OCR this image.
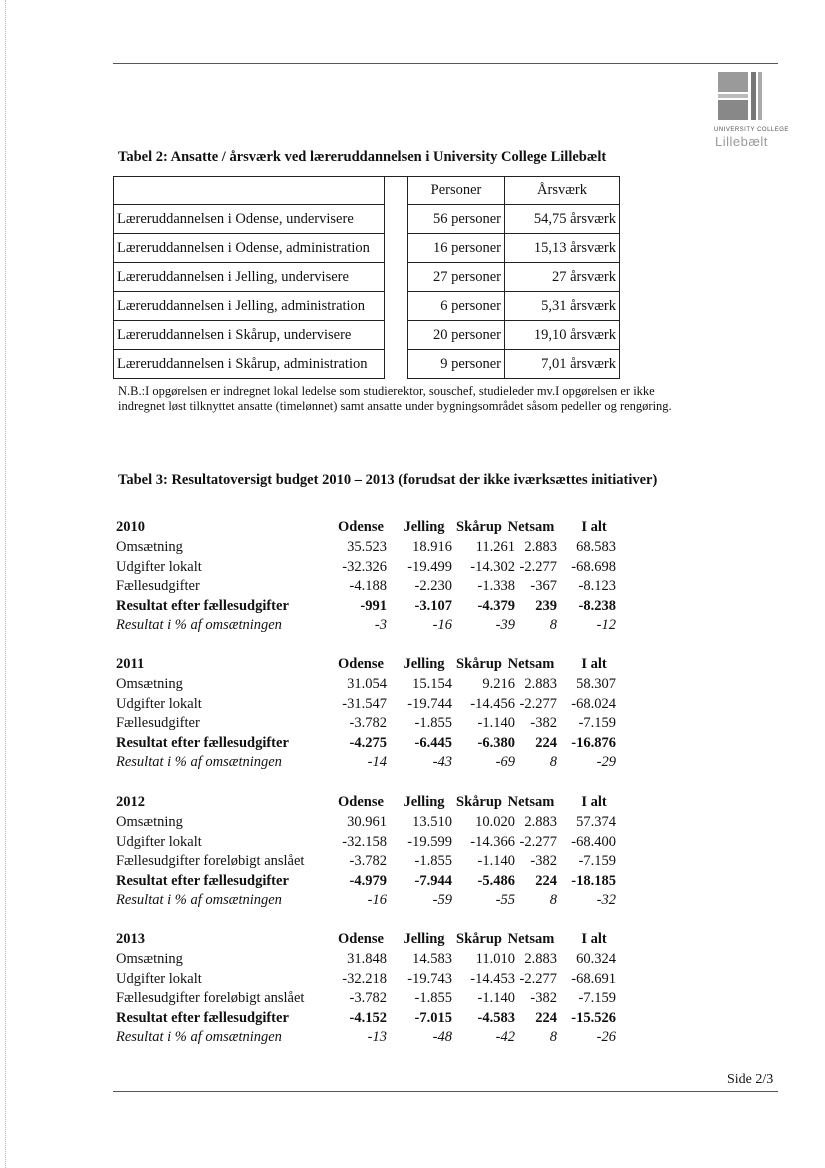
UNIVERSITY COLLEGE
Lillebælt
Tabel 2: Ansatte / årsværk ved læreruddannelsen i University College Lillebælt
		Personer	Årsværk
Læreruddannelsen i Odense, undervisere		56 personer	54,75 årsværk
Læreruddannelsen i Odense, administration		16 personer	15,13 årsværk
Læreruddannelsen i Jelling, undervisere		27 personer	27 årsværk
Læreruddannelsen i Jelling, administration		6 personer	5,31 årsværk
Læreruddannelsen i Skårup, undervisere		20 personer	19,10 årsværk
Læreruddannelsen i Skårup, administration		9 personer	7,01 årsværk
N.B.:I opgørelsen er indregnet lokal ledelse som studierektor, souschef, studieleder mv.I opgørelsen er ikke indregnet løst tilknyttet ansatte (timelønnet) samt ansatte under bygningsområdet såsom pedeller og rengøring.
Tabel 3: Resultatoversigt budget 2010 – 2013 (forudsat der ikke iværksættes initiativer)
2010	Odense	Jelling Skårup Netsam	I alt
Omsætning	35.523	18.916	11.261 2.883	68.583
Udgifter lokalt	-32.326	-19.499	-14.302 -2.277 -68.698
Fællesudgifter	-4.188	-2.230	-1.338	-367	-8.123
Resultat efter fællesudgifter	-991	-3.107	-4.379	239	-8.238
Resultat i % af omsætningen	-3	-16	-39	8	-12
2011	Odense	Jelling Skårup Netsam	I alt
Omsætning	31.054	15.154	9.216 2.883	58.307
Udgifter lokalt	-31.547	-19.744	-14.456 -2.277 -68.024
Fællesudgifter	-3.782	-1.855	-1.140	-382	-7.159
Resultat efter fællesudgifter	-4.275	-6.445	-6.380	224 -16.876
Resultat i % af omsætningen	-14	-43	-69	8	-29
2012	Odense	Jelling Skårup Netsam	I alt
Omsætning	30.961	13.510	10.020 2.883	57.374
Udgifter lokalt	-32.158	-19.599	-14.366 -2.277 -68.400
Fællesudgifter foreløbigt anslået	-3.782	-1.855	-1.140	-382	-7.159
Resultat efter fællesudgifter	-4.979	-7.944	-5.486	224 -18.185
Resultat i % af omsætningen	-16	-59	-55	8	-32
2013	Odense	Jelling Skårup Netsam	I alt
Omsætning	31.848	14.583	11.010 2.883	60.324
Udgifter lokalt	-32.218	-19.743	-14.453 -2.277 -68.691
Fællesudgifter foreløbigt anslået	-3.782	-1.855	-1.140	-382	-7.159
Resultat efter fællesudgifter	-4.152	-7.015	-4.583	224 -15.526
Resultat i % af omsætningen	-13	-48	-42	8	-26
Side 2/3
